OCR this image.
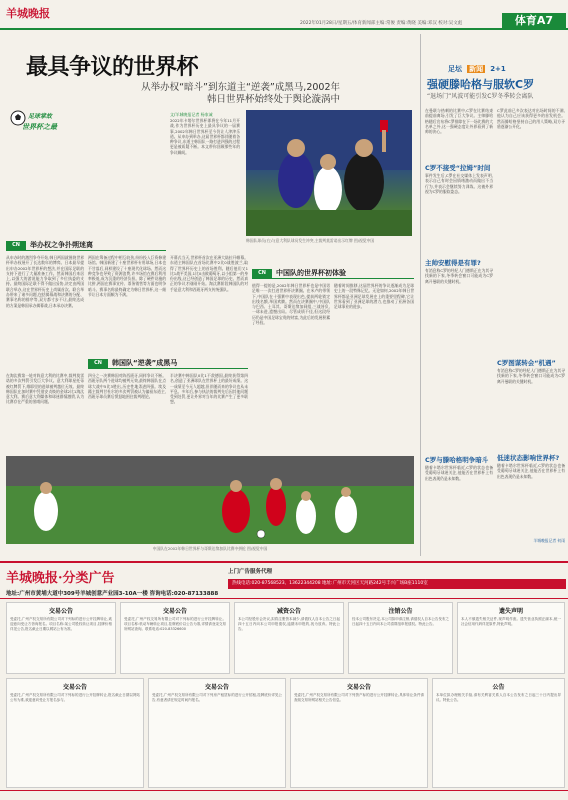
羊城晚报
2022年01月28日/星期五/体育新闻部主编:常俊 责编:黄晓 美编:邓汉 校对:吴文彪	体育A7
最具争议的世界杯
从举办权“暗斗”到东道主“逆袭”成黑马,2002年
韩日世界杯始终处于舆论漩涡中
足球掌故
世界杯之最
文/羊城晚报记者 杨家诚
2022年卡塔尔世界杯即将在今年11月开战,作为世界杯历史上最具争议的一届赛事,2002年韩日世界杯至今仍让人津津乐道。从申办到举办,这届世界杯都伴随着各种争议,东道主韩国队一路打进四强的过程更是被质疑不断。本文带你回顾那些年的争议瞬间。
韩国队球员(右)与意大利队球员发生冲突,主裁判莫雷诺出示红牌 图/视觉中国
CN	举办权之争扑朔迷离
从申办时的激烈争夺开始,韩日两国就围绕世界杯举办权展开了长达数年的博弈。日本最早提出申办2002年世界杯的想法,并在国际足联的支持下进行了大量准备工作。然而韩国后来居上,以强大的游说能力争取到了多位执委的支持。最终国际足联不得不做出妥协,决定由两国联合举办,这在世界杯历史上尚属首次。联合举办带来了诸多问题,包括揭幕战和决赛的分配、赛事名称的排序等,双方都寸步不让,最终达成的方案是韩国承办揭幕战,日本承办决赛。
两国在筹备过程中相互较劲,纷纷投入巨资修建场馆。韩国新建了十座世界杯专用球场,日本也不甘落后,同样建设了十座现代化球场。然而这种竞争也导致了资源浪费,许多场馆在赛后利用率极低,成为沉重的经济负担。除了硬件设施的比拼,两国在赛事宣传、票务销售等方面也明争暗斗。赛事名称最终确定为韩日世界杯,这一细节让日本方面颇为不满。
开幕式当天,世界杯首次在亚洲大陆拉开帷幕。东道主韩国队在首场比赛中2比0战胜波兰,取得了世界杯历史上的首场胜利。随后他们又1比1战平美国,1比0击败葡萄牙,以小组第一的身份出线,这已经创造了韩国足球的历史。然而真正的争议才刚刚开始。淘汰赛阶段韩国队的对手是意大利和西班牙两支传统强队。
CN	中国队的世界杯初体验
值得一提的是,2002年韩日世界杯也是中国男足唯一一次打进世界杯决赛圈。在米卢的带领下,中国队在十强赛中表现出色,提前两轮锁定出线名额,举国欢腾。然而在决赛圈中,中国队与巴西、土耳其、哥斯达黎加同组,三战皆负,一球未进,遗憾出局。尽管成绩不佳,但这段经历仍是中国足球宝贵的财富,为此后的发展积累了经验。
随着时间推移,这届世界杯的争议逐渐成为足球史上的一段特殊记忆。无论如何,2002年韩日世界杯都是亚洲足球发展史上的重要里程碑,它让世界看到了亚洲足球的潜力,也推动了亚洲各国足球事业的进步。
CN	韩国队“逆袭”成黑马
在淘汰赛第一轮对阵意大利的比赛中,裁判莫雷诺的多次判罚引发巨大争议。意大利球星托蒂被红牌罚下,维耶里的进球被判越位无效。最终韩国队在加时赛中凭借安贞焕的金球2比1淘汰意大利。赛后意大利媒体和球迷群情激愤,认为比赛存在严重的黑哨问题。
四分之一决赛韩国对阵西班牙,同样争议不断。西班牙队两个进球均被判无效,最终韩国队在点球大战中5比3胜出,历史性地杀进四强。埃及籍主裁判甘杜尔的多次判罚被认为偏袒东道主,西班牙球员赛后愤怒地围住裁判理论。
半决赛中韩国队0比1不敌德国,最终获得第四名,创造了亚洲球队在世界杯上的最好成绩。这一成绩至今无人超越,但伴随而来的争议也从未平息。多年后,参与执法的裁判先后因其他问题受到处罚,更让外界对当年的比赛产生了更多联想。
中国队在2002年韩日世界杯与哥斯达黎加队比赛中拼抢 图/视觉中国
足坛 新闻 2+1
强硬滕哈格与服软C罗
“退场门”风波可能引发C罗冬季转会离队
在曼联与热刺的比赛中,C罗在比赛结束前提前离场,引发了巨大争议。主帅滕哈格随后宣布将C罗排除在下一场比赛的大名单之外,这一强硬态度让外界看到了新帅的决心。
C罗此前已多次表达对出场时间的不满,他认为自己应该获得更多的首发机会。然而滕哈格坚持自己的用人策略,双方矛盾逐渐公开化。
C罗不接受“拉姆”时间
事件发生后,C罗在社交媒体上发表声明,表示自己有时会因情绪激动而做出不当行为,并表示会继续努力训练。这被外界视为C罗的服软姿态。
主帅安慰得是有罪?
有消息称C罗的经纪人门德斯正在为其寻找新的下家,冬季转会窗口可能成为C罗离开曼联的关键时机。
C罗与滕哈格明争暗斗
随着卡塔尔世界杯临近,C罗的状态也备受葡萄牙球迷关注,他能否在世界杯上有出色表现仍是未知数。
C罗图谋转会“机遇”
有消息称C罗的经纪人门德斯正在为其寻找新的下家,冬季转会窗口可能成为C罗离开曼联的关键时机。
低迷状态影响世界杯?
随着卡塔尔世界杯临近,C罗的状态也备受葡萄牙球迷关注,他能否在世界杯上有出色表现仍是未知数。
羊城晚报记者 何雨
羊城晚报·分类广告
地址:广州市黄埔大道中309号羊城创意产业园3-10A一楼 咨询电话:020-87133888
上门广告服务代理
热线电话:020-87568523、13622344208 地址:广州市天河区天河路242号丰兴广场B座1110室
交易公告
受委托,广州产权交易所有限公司对下列标的进行公开挂牌转让,欢迎意向受让方咨询报名。项目名称:某公司股权转让项目,挂牌价格详见公告,报名截止日期以网站公布为准。
交易公告
受委托,广州产权交易所有限公司对下列标的进行公开挂牌转让。项目名称:机动车辆转让项目,挂牌底价以公告为准,详情请登录交易所网站查询。联系电话:020-83326600
减资公告
本公司经股东会决议,拟将注册资本减少,请债权人自本公告之日起四十五日内向本公司申报债权,逾期未申报的,视为放弃。特此公告。
注销公告
经本公司股东决定,本公司拟申请注销,请债权人自本公告发布之日起四十五日内向本公司清算组申报债权。特此公告。
遗失声明
本人不慎遗失相关证件,现声明作废。遗失营业执照正副本,统一社会信用代码详见原件,特此声明。
交易公告
受委托,广州产权交易所有限公司对下列标的进行公开挂牌转让,报名截止日期以网站公布为准,欢迎意向受让方报名参与。
交易公告
受委托,广州产权交易所有限公司对下列房产租赁标的进行公开招租,挂牌底价详见公告,有意者请在规定时间内报名。
交易公告
受委托,广州产权交易所有限公司对下列资产标的进行公开挂牌转让,具体转让条件请查阅交易所网站相关公告信息。
公告
本单位拟办理相关手续,请有关利害关系人自本公告发布之日起三十日内提出异议。特此公告。
